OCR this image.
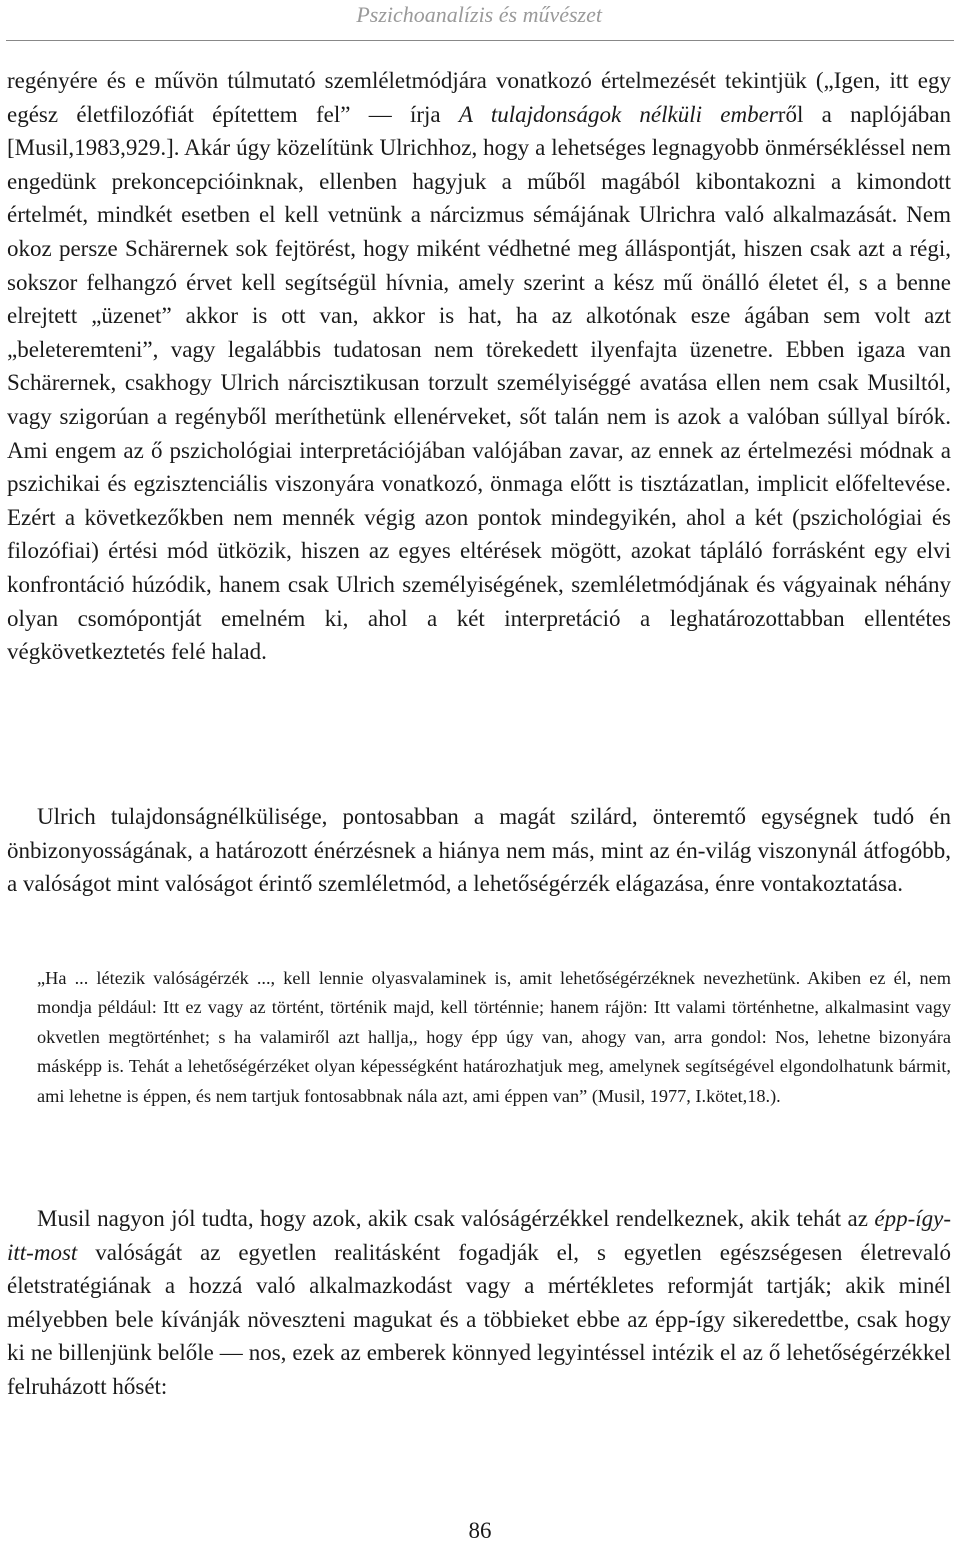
Pszichoanalízis és művészet

regényére és e művön túlmutató szemléletmódjára vonatkozó értelmezését tekintjük („Igen, itt egy egész életfilozófiát építettem fel” — írja A tulajdonságok nélküli emberről a naplójában [Musil,1983,929.]. Akár úgy közelítünk Ulrichhoz, hogy a lehetséges legnagyobb önmérsékléssel nem engedünk prekoncepcióinknak, ellenben hagyjuk a műből magából kibontakozni a kimondott értelmét, mindkét esetben el kell vetnünk a nárcizmus sémájának Ulrichra való alkalmazását. Nem okoz persze Schärernek sok fejtörést, hogy miként védhetné meg álláspontját, hiszen csak azt a régi, sokszor felhangzó érvet kell segítségül hívnia, amely szerint a kész mű önálló életet él, s a benne elrejtett „üzenet” akkor is ott van, akkor is hat, ha az alkotónak esze ágában sem volt azt „beleteremteni”, vagy legalábbis tudatosan nem törekedett ilyenfajta üzenetre. Ebben igaza van Schärernek, csakhogy Ulrich nárcisztikusan torzult személyiséggé avatása ellen nem csak Musiltól, vagy szigorúan a regényből meríthetünk ellenérveket, sőt talán nem is azok a valóban súllyal bírók. Ami engem az ő pszichológiai interpretációjában valójában zavar, az ennek az értelmezési módnak a pszichikai és egzisztenciális viszonyára vonatkozó, önmaga előtt is tisztázatlan, implicit előfeltevése. Ezért a következőkben nem mennék végig azon pontok mindegyikén, ahol a két (pszichológiai és filozófiai) értési mód ütközik, hiszen az egyes eltérések mögött, azokat tápláló forrásként egy elvi konfrontáció húzódik, hanem csak Ulrich személyiségének, szemléletmódjának és vágyainak néhány olyan csomópontját emelném ki, ahol a két interpretáció a leghatározottabban ellentétes végkövetkeztetés felé halad.

Ulrich tulajdonságnélkülisége, pontosabban a magát szilárd, önteremtő egységnek tudó én önbizonyosságának, a határozott énérzésnek a hiánya nem más, mint az én-világ viszonynál átfogóbb, a valóságot mint valóságot érintő szemléletmód, a lehetőségérzék elágazása, énre vontakoztatása.

„Ha ... létezik valóságérzék ..., kell lennie olyasvalaminek is, amit lehetőségérzéknek nevezhetünk. Akiben ez él, nem mondja például: Itt ez vagy az történt, történik majd, kell történnie; hanem rájön: Itt valami történhetne, alkalmasint vagy okvetlen megtörténhet; s ha valamiről azt hallja,, hogy épp úgy van, ahogy van, arra gondol: Nos, lehetne bizonyára másképp is. Tehát a lehetőségérzéket olyan képességként határozhatjuk meg, amelynek segítségével elgondolhatunk bármit, ami lehetne is éppen, és nem tartjuk fontosabbnak nála azt, ami éppen van” (Musil, 1977, I.kötet,18.).

Musil nagyon jól tudta, hogy azok, akik csak valóságérzékkel rendelkeznek, akik tehát az épp-így-itt-most valóságát az egyetlen realitásként fogadják el, s egyetlen egészségesen életrevaló életstratégiának a hozzá való alkalmazkodást vagy a mértékletes reformját tartják; akik minél mélyebben bele kívánják növeszteni magukat és a többieket ebbe az épp-így sikeredettbe, csak hogy ki ne billenjünk belőle — nos, ezek az emberek könnyed legyintéssel intézik el az ő lehetőségérzékkel felruházott hősét:

86
